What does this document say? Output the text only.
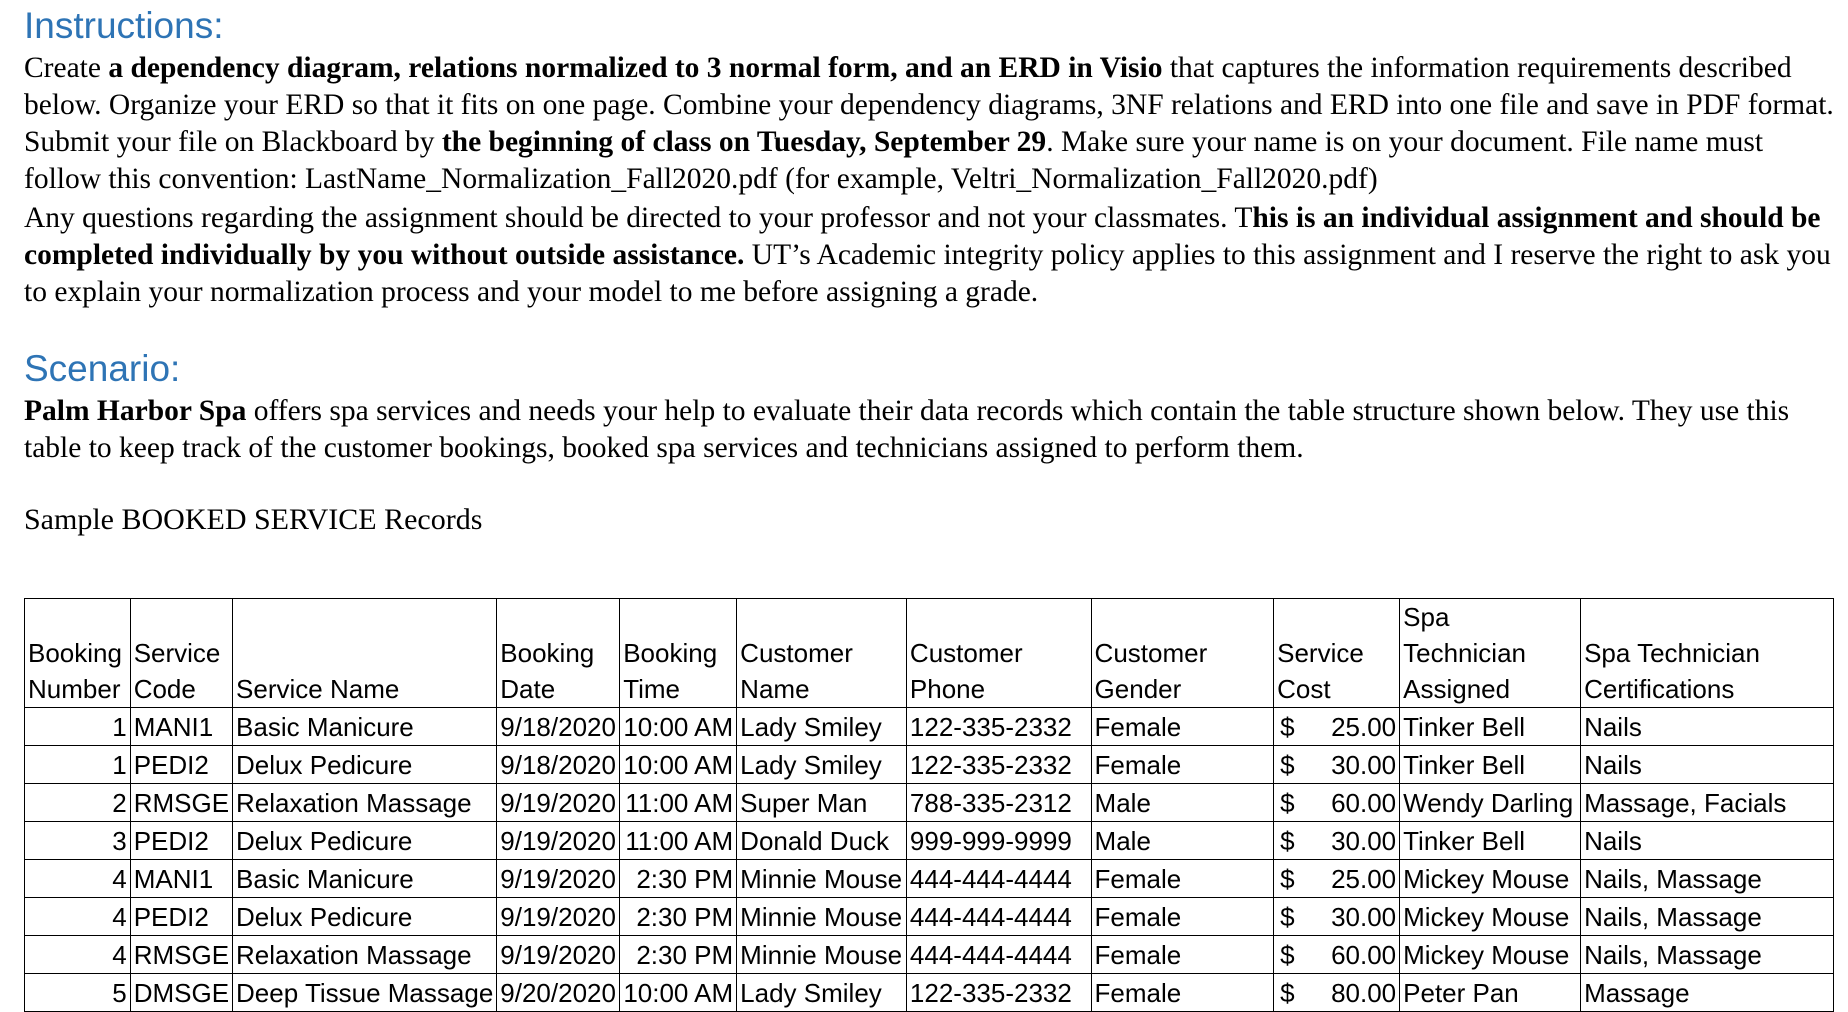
Instructions:

Create a dependency diagram, relations normalized to 3 normal form, and an ERD in Visio that captures the information requirements described below. Organize your ERD so that it fits on one page. Combine your dependency diagrams, 3NF relations and ERD into one file and save in PDF format. Submit your file on Blackboard by the beginning of class on Tuesday, September 29. Make sure your name is on your document. File name must follow this convention: LastName_Normalization_Fall2020.pdf (for example, Veltri_Normalization_Fall2020.pdf)

Any questions regarding the assignment should be directed to your professor and not your classmates. This is an individual assignment and should be completed individually by you without outside assistance. UT’s Academic integrity policy applies to this assignment and I reserve the right to ask you to explain your normalization process and your model to me before assigning a grade.

Scenario:

Palm Harbor Spa offers spa services and needs your help to evaluate their data records which contain the table structure shown below. They use this table to keep track of the customer bookings, booked spa services and technicians assigned to perform them.

Sample BOOKED SERVICE Records

Booking Number	Service Code	Service Name	Booking Date	Booking Time	Customer Name	Customer Phone	Customer Gender	Service Cost	Spa Technician Assigned	Spa Technician Certifications
1	MANI1	Basic Manicure	9/18/2020	10:00 AM	Lady Smiley	122-335-2332	Female	$ 25.00	Tinker Bell	Nails
1	PEDI2	Delux Pedicure	9/18/2020	10:00 AM	Lady Smiley	122-335-2332	Female	$ 30.00	Tinker Bell	Nails
2	RMSGE	Relaxation Massage	9/19/2020	11:00 AM	Super Man	788-335-2312	Male	$ 60.00	Wendy Darling	Massage, Facials
3	PEDI2	Delux Pedicure	9/19/2020	11:00 AM	Donald Duck	999-999-9999	Male	$ 30.00	Tinker Bell	Nails
4	MANI1	Basic Manicure	9/19/2020	2:30 PM	Minnie Mouse	444-444-4444	Female	$ 25.00	Mickey Mouse	Nails, Massage
4	PEDI2	Delux Pedicure	9/19/2020	2:30 PM	Minnie Mouse	444-444-4444	Female	$ 30.00	Mickey Mouse	Nails, Massage
4	RMSGE	Relaxation Massage	9/19/2020	2:30 PM	Minnie Mouse	444-444-4444	Female	$ 60.00	Mickey Mouse	Nails, Massage
5	DMSGE	Deep Tissue Massage	9/20/2020	10:00 AM	Lady Smiley	122-335-2332	Female	$ 80.00	Peter Pan	Massage
